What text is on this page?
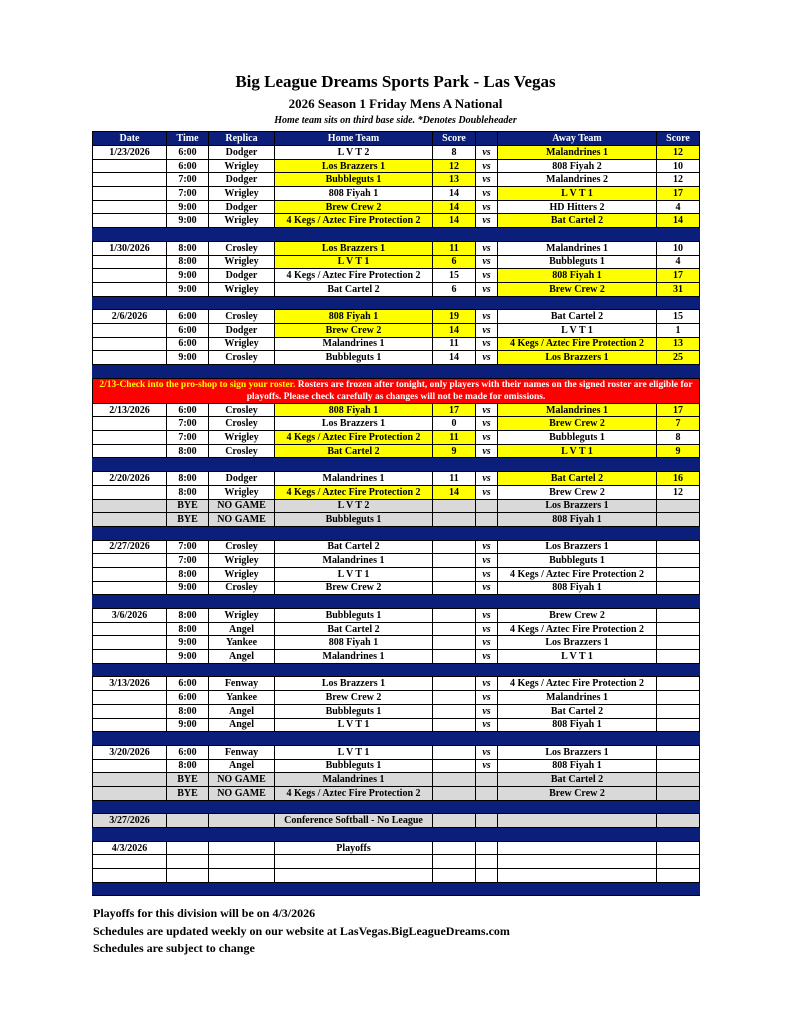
Big League Dreams Sports Park - Las Vegas
2026 Season 1 Friday Mens A National
Home team sits on third base side. *Denotes Doubleheader
Date	Time	Replica	Home Team	Score		Away Team	Score
1/23/2026	6:00	Dodger	L V T 2	8	vs	Malandrines 1	12
	6:00	Wrigley	Los Brazzers 1	12	vs	808 Fiyah 2	10
	7:00	Dodger	Bubbleguts 1	13	vs	Malandrines 2	12
	7:00	Wrigley	808 Fiyah 1	14	vs	L V T 1	17
	9:00	Dodger	Brew Crew 2	14	vs	HD Hitters 2	4
	9:00	Wrigley	4 Kegs / Aztec Fire Protection 2	14	vs	Bat Cartel 2	14

1/30/2026	8:00	Crosley	Los Brazzers 1	11	vs	Malandrines 1	10
	8:00	Wrigley	L V T 1	6	vs	Bubbleguts 1	4
	9:00	Dodger	4 Kegs / Aztec Fire Protection 2	15	vs	808 Fiyah 1	17
	9:00	Wrigley	Bat Cartel 2	6	vs	Brew Crew 2	31

2/6/2026	6:00	Crosley	808 Fiyah 1	19	vs	Bat Cartel 2	15
	6:00	Dodger	Brew Crew 2	14	vs	L V T 1	1
	6:00	Wrigley	Malandrines 1	11	vs	4 Kegs / Aztec Fire Protection 2	13
	9:00	Crosley	Bubbleguts 1	14	vs	Los Brazzers 1	25

2/13-Check into the pro-shop to sign your roster. Rosters are frozen after tonight, only players with their names on the signed roster are eligible for playoffs. Please check carefully as changes will not be made for omissions.							
2/13/2026	6:00	Crosley	808 Fiyah 1	17	vs	Malandrines 1	17
	7:00	Crosley	Los Brazzers 1	0	vs	Brew Crew 2	7
	7:00	Wrigley	4 Kegs / Aztec Fire Protection 2	11	vs	Bubbleguts 1	8
	8:00	Crosley	Bat Cartel 2	9	vs	L V T 1	9

2/20/2026	8:00	Dodger	Malandrines 1	11	vs	Bat Cartel 2	16
	8:00	Wrigley	4 Kegs / Aztec Fire Protection 2	14	vs	Brew Crew 2	12
	BYE	NO GAME	L V T 2			Los Brazzers 1	
	BYE	NO GAME	Bubbleguts 1			808 Fiyah 1	

2/27/2026	7:00	Crosley	Bat Cartel 2		vs	Los Brazzers 1	
	7:00	Wrigley	Malandrines 1		vs	Bubbleguts 1	
	8:00	Wrigley	L V T 1		vs	4 Kegs / Aztec Fire Protection 2	
	9:00	Crosley	Brew Crew 2		vs	808 Fiyah 1	

3/6/2026	8:00	Wrigley	Bubbleguts 1		vs	Brew Crew 2	
	8:00	Angel	Bat Cartel 2		vs	4 Kegs / Aztec Fire Protection 2	
	9:00	Yankee	808 Fiyah 1		vs	Los Brazzers 1	
	9:00	Angel	Malandrines 1		vs	L V T 1	

3/13/2026	6:00	Fenway	Los Brazzers 1		vs	4 Kegs / Aztec Fire Protection 2	
	6:00	Yankee	Brew Crew 2		vs	Malandrines 1	
	8:00	Angel	Bubbleguts 1		vs	Bat Cartel 2	
	9:00	Angel	L V T 1		vs	808 Fiyah 1	

3/20/2026	6:00	Fenway	L V T 1		vs	Los Brazzers 1	
	8:00	Angel	Bubbleguts 1		vs	808 Fiyah 1	
	BYE	NO GAME	Malandrines 1			Bat Cartel 2	
	BYE	NO GAME	4 Kegs / Aztec Fire Protection 2			Brew Crew 2	

3/27/2026			Conference Softball - No League				

4/3/2026			Playoffs				

Playoffs for this division will be on 4/3/2026
Schedules are updated weekly on our website at LasVegas.BigLeagueDreams.com
Schedules are subject to change
